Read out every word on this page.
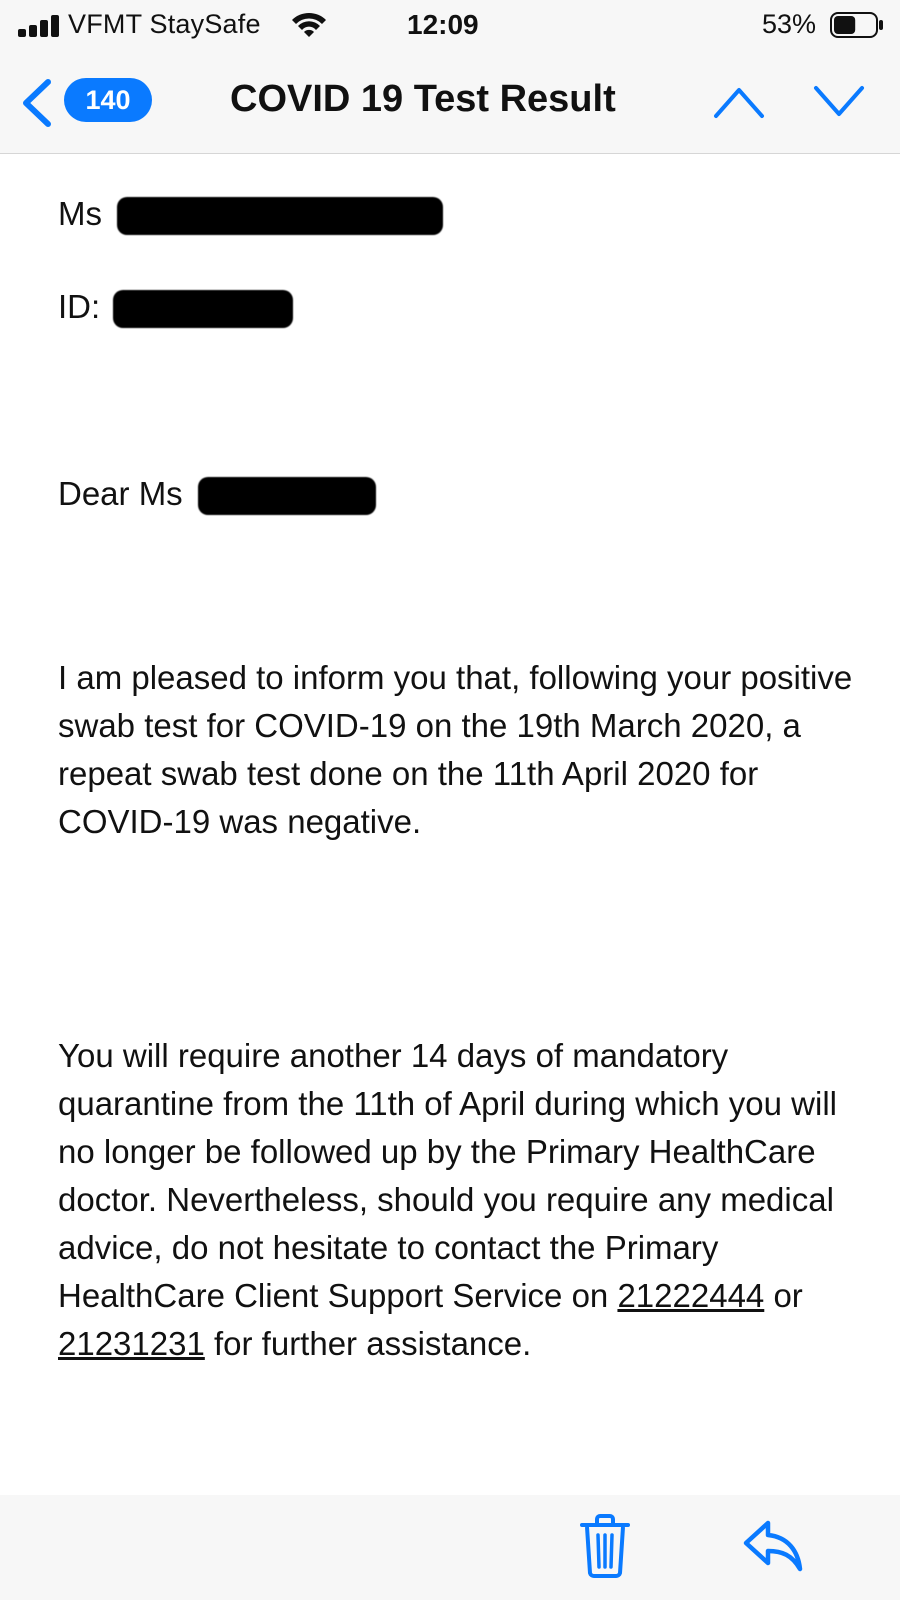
VFMT StaySafe	12:09	53%
140	COVID 19 Test Result
Ms
ID:
Dear Ms
I am pleased to inform you that, following your positive swab test for COVID-19 on the 19th March 2020, a repeat swab test done on the 11th April 2020 for COVID-19 was negative.
You will require another 14 days of mandatory quarantine from the 11th of April during which you will no longer be followed up by the Primary HealthCare doctor. Nevertheless, should you require any medical advice, do not hesitate to contact the Primary HealthCare Client Support Service on 21222444 or 21231231 for further assistance.
